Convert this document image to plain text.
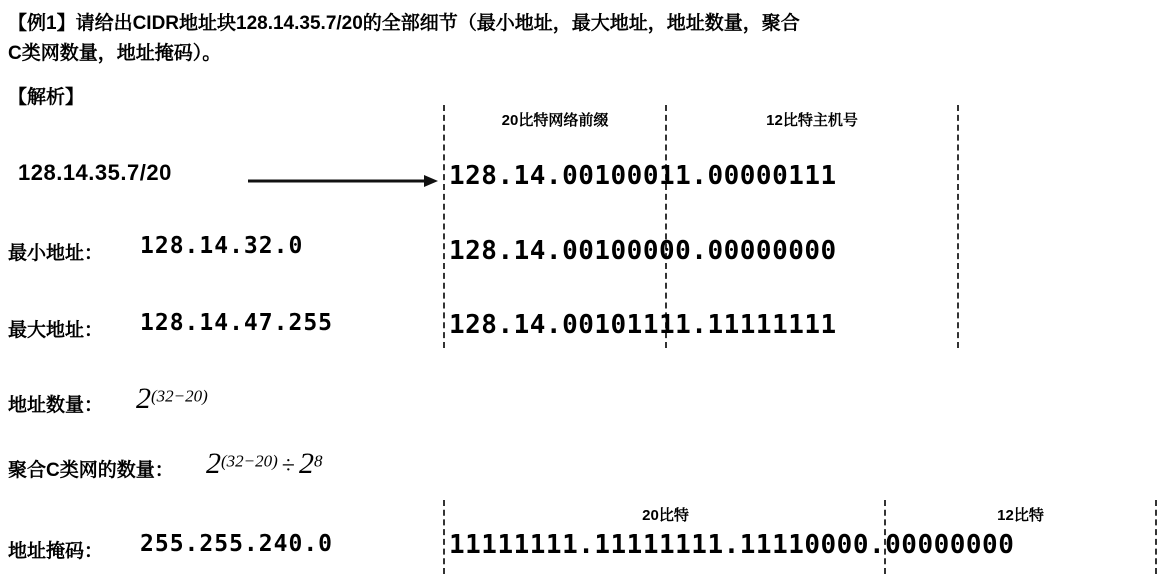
【例1】请给出CIDR地址块128.14.35.7/20的全部细节（最小地址，最大地址，地址数量，聚合
C类网数量，地址掩码）。
【解析】
128.14.35.7/20
最小地址： 128.14.32.0
最大地址： 128.14.47.255
地址数量： 2(32−20)
聚合C类网的数量： 2(32−20) ÷ 28
地址掩码： 255.255.240.0
20比特网络前缀	12比特主机号
128.14.00100011.00000111
128.14.00100000.00000000
128.14.00101111.11111111
20比特	12比特
11111111.11111111.11110000.00000000
